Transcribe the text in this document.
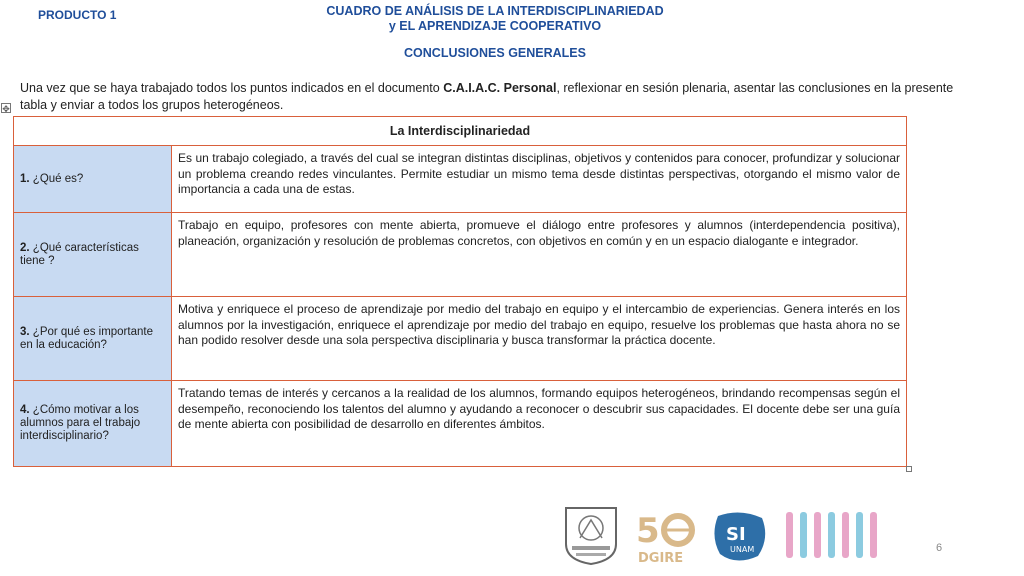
PRODUCTO 1	CUADRO DE ANÁLISIS DE LA INTERDISCIPLINARIEDAD
y EL APRENDIZAJE COOPERATIVO
CONCLUSIONES GENERALES
Una vez que se haya trabajado todos los puntos indicados en el documento C.A.I.A.C. Personal, reflexionar en sesión plenaria, asentar las conclusiones en la presente tabla y enviar a todos los grupos heterogéneos.
✥
La Interdisciplinariedad	
1. ¿Qué es?	Es un trabajo colegiado, a través del cual se integran distintas disciplinas, objetivos y contenidos para conocer, profundizar y solucionar un problema creando redes vinculantes. Permite estudiar un mismo tema desde distintas perspectivas, otorgando el mismo valor de importancia a cada una de estas.
2. ¿Qué características tiene ?	Trabajo en equipo, profesores con mente abierta, promueve el diálogo entre profesores y alumnos (interdependencia positiva), planeación, organización y resolución de problemas concretos, con objetivos en común y en un espacio dialogante e integrador.
3. ¿Por qué es importante en la educación?	Motiva y enriquece el proceso de aprendizaje por medio del trabajo en equipo y el intercambio de experiencias. Genera interés en los alumnos por la investigación, enriquece el aprendizaje por medio del trabajo en equipo, resuelve los problemas que hasta ahora no se han podido resolver desde una sola perspectiva disciplinaria y busca transformar la práctica docente.
4. ¿Cómo motivar a los alumnos para el trabajo interdisciplinario?	Tratando temas de interés y cercanos a la realidad de los alumnos, formando equipos heterogéneos, brindando recompensas según el desempeño, reconociendo los talentos del alumno y ayudando a reconocer o descubrir sus capacidades. El docente debe ser una guía de mente abierta con posibilidad de desarrollo en diferentes ámbitos.
5
DGIRE
SI
UNAM	6
